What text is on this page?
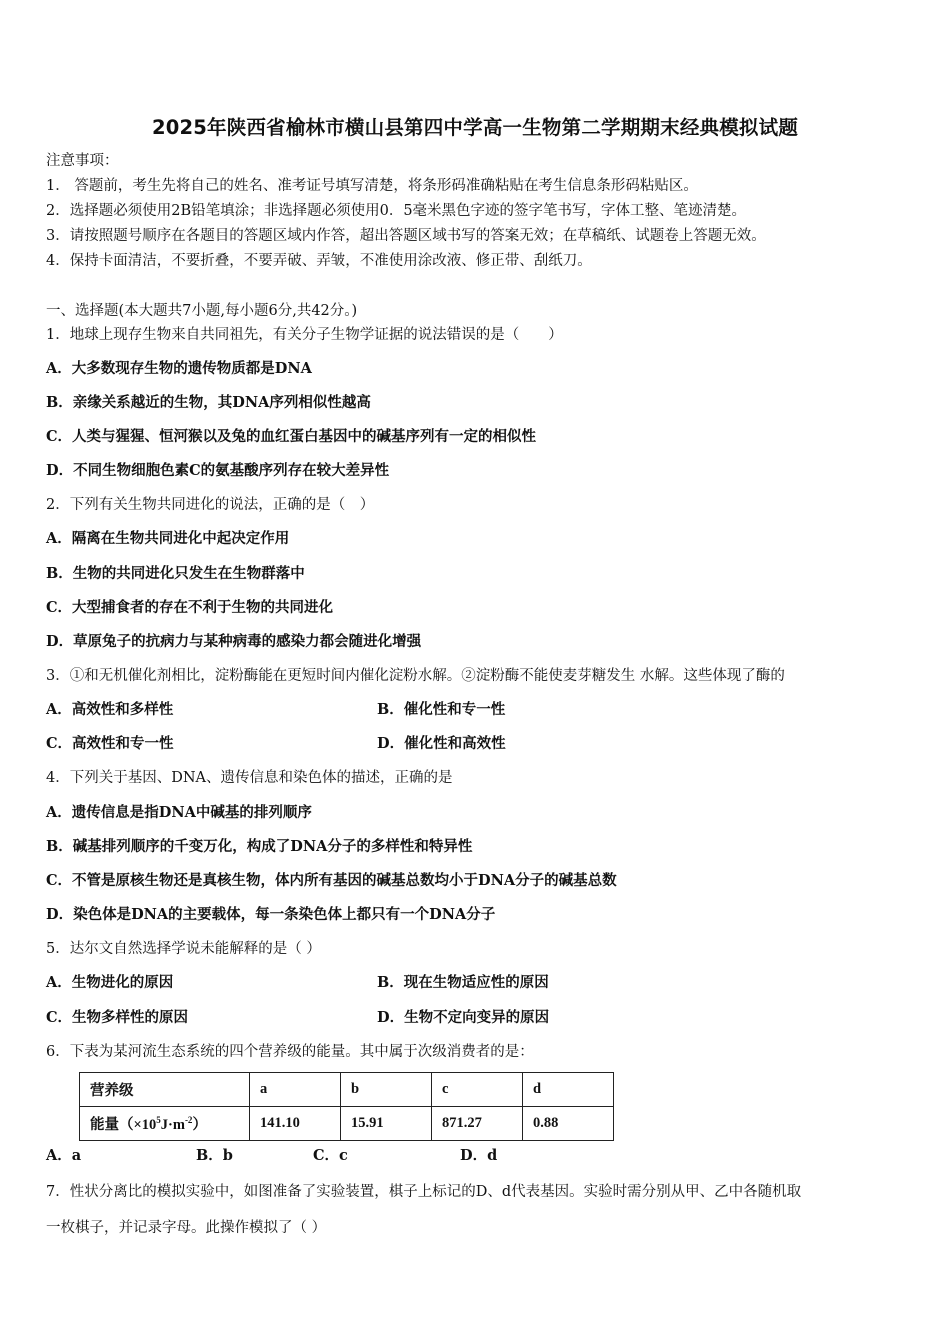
2025年陕西省榆林市横山县第四中学高一生物第二学期期末经典模拟试题
注意事项：
1． 答题前，考生先将自己的姓名、准考证号填写清楚，将条形码准确粘贴在考生信息条形码粘贴区。
2．选择题必须使用2B铅笔填涂；非选择题必须使用0．5毫米黑色字迹的签字笔书写，字体工整、笔迹清楚。
3．请按照题号顺序在各题目的答题区域内作答，超出答题区域书写的答案无效；在草稿纸、试题卷上答题无效。
4．保持卡面清洁，不要折叠，不要弄破、弄皱，不准使用涂改液、修正带、刮纸刀。
一、选择题(本大题共7小题,每小题6分,共42分。)
1．地球上现存生物来自共同祖先，有关分子生物学证据的说法错误的是（　　）
A．大多数现存生物的遗传物质都是DNA
B．亲缘关系越近的生物，其DNA序列相似性越高
C．人类与猩猩、恒河猴以及兔的血红蛋白基因中的碱基序列有一定的相似性
D．不同生物细胞色素C的氨基酸序列存在较大差异性
2．下列有关生物共同进化的说法，正确的是（　）
A．隔离在生物共同进化中起决定作用
B．生物的共同进化只发生在生物群落中
C．大型捕食者的存在不利于生物的共同进化
D．草原兔子的抗病力与某种病毒的感染力都会随进化增强
3．①和无机催化剂相比，淀粉酶能在更短时间内催化淀粉水解。②淀粉酶不能使麦芽糖发生 水解。这些体现了酶的
A．高效性和多样性	B．催化性和专一性
C．高效性和专一性	D．催化性和高效性
4．下列关于基因、DNA、遗传信息和染色体的描述，正确的是
A．遗传信息是指DNA中碱基的排列顺序
B．碱基排列顺序的千变万化，构成了DNA分子的多样性和特异性
C．不管是原核生物还是真核生物，体内所有基因的碱基总数均小于DNA分子的碱基总数
D．染色体是DNA的主要载体，每一条染色体上都只有一个DNA分子
5．达尔文自然选择学说未能解释的是（ ）
A．生物进化的原因	B．现在生物适应性的原因
C．生物多样性的原因	D．生物不定向变异的原因
6．下表为某河流生态系统的四个营养级的能量。其中属于次级消费者的是：
营养级	a	b	c	d
能量$(\times 10^5J\cdot m^{-2})$	141.10	15.91	871.27	0.88
A．a	B．b	C．c	D．d
7．性状分离比的模拟实验中，如图准备了实验装置，棋子上标记的D、d代表基因。实验时需分别从甲、乙中各随机取
一枚棋子，并记录字母。此操作模拟了（ ）
